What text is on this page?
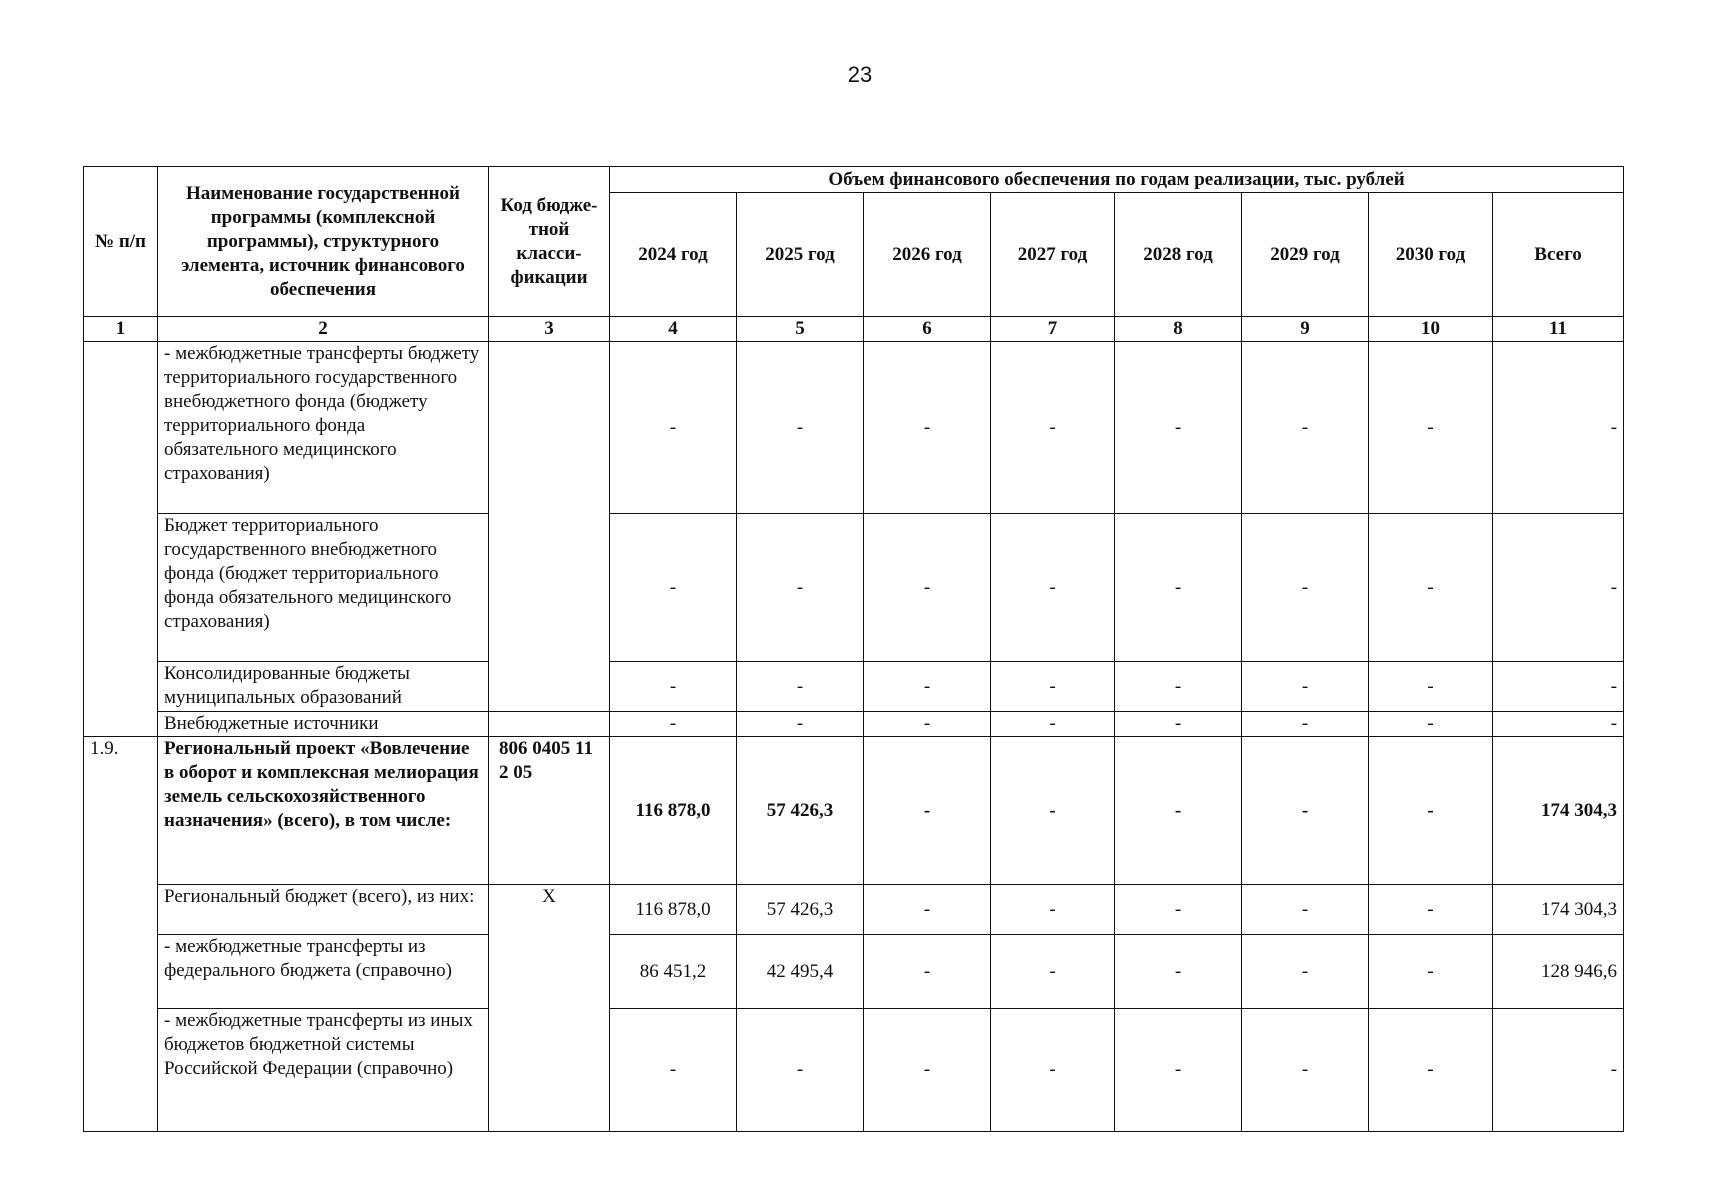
23
№ п/п	Наименование государственной программы (комплексной программы), структурного элемента, источник финансового обеспечения	Код бюдже-тной класси-фикации	Объем финансового обеспечения по годам реализации, тыс. рублей							
			2024 год	2025 год	2026 год	2027 год	2028 год	2029 год	2030 год	Всего
1	2	3	4	5	6	7	8	9	10	11
	- межбюджетные трансферты бюджету территориального государственного внебюджетного фонда (бюджету территориального фонда обязательного медицинского страхования)		-	-	-	-	-	-	-	-
	Бюджет территориального государственного внебюджетного фонда (бюджет территориального фонда обязательного медицинского страхования)		-	-	-	-	-	-	-	-
	Консолидированные бюджеты муниципальных образований		-	-	-	-	-	-	-	-
	Внебюджетные источники		-	-	-	-	-	-	-	-
1.9.	Региональный проект «Вовлечение в оборот и комплексная мелиорация земель сельскохозяйственного назначения» (всего), в том числе:	806 0405 11 2 05	116 878,0	57 426,3	-	-	-	-	-	174 304,3
	Региональный бюджет (всего), из них:	X	116 878,0	57 426,3	-	-	-	-	-	174 304,3
	- межбюджетные трансферты из федерального бюджета (справочно)		86 451,2	42 495,4	-	-	-	-	-	128 946,6
	- межбюджетные трансферты из иных бюджетов бюджетной системы Российской Федерации (справочно)		-	-	-	-	-	-	-	-
